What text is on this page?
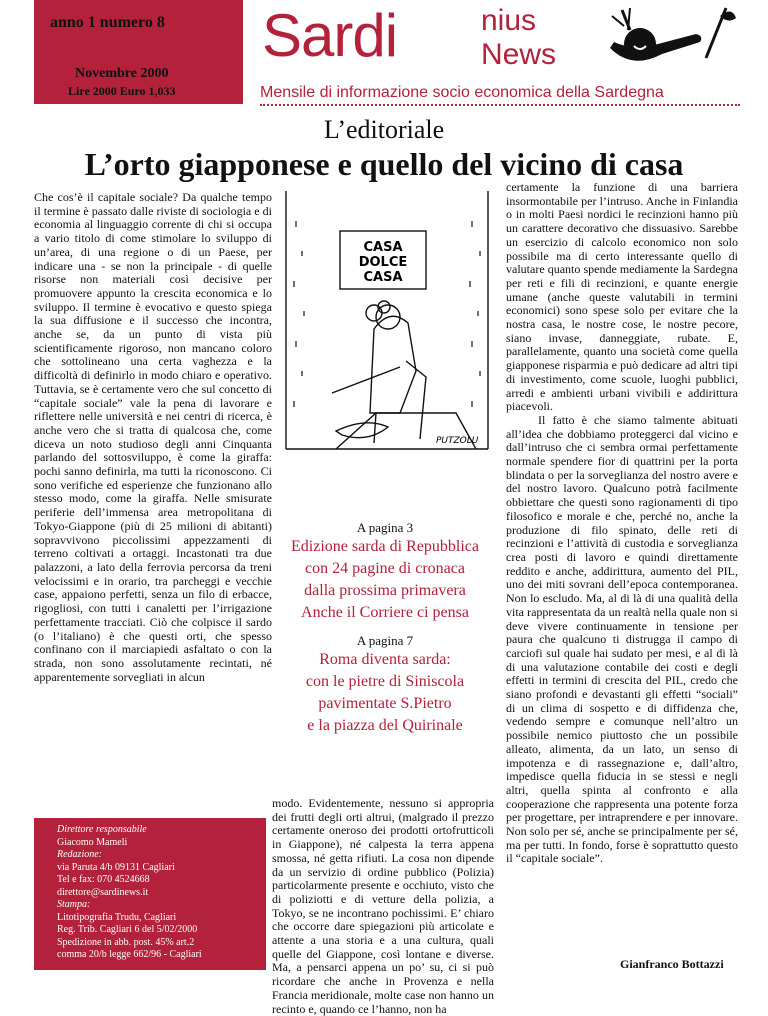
anno 1 numero 8
Novembre 2000
Lire 2000 Euro 1,033
Sardi	nius
News
Mensile di informazione socio economica della Sardegna
L’editoriale
L’orto giapponese e quello del vicino di casa
Che cos’è il capitale sociale? Da qualche tempo il termine è passato dalle riviste di sociologia e di economia al linguaggio corrente di chi si occupa a vario titolo di come stimolare lo sviluppo di un’area, di una regione o di un Paese, per indicare una - se non la principale - di quelle risorse non materiali così decisive per promuovere appunto la crescita economica e lo sviluppo. Il termine è evocativo e questo spiega la sua diffusione e il successo che incontra, anche se, da un punto di vista più scientificamente rigoroso, non mancano coloro che sottolineano una certa vaghezza e la difficoltà di definirlo in modo chiaro e operativo. Tuttavia, se è certamente vero che sul concetto di “capitale sociale” vale la pena di lavorare e riflettere nelle università e nei centri di ricerca, è anche vero che si tratta di qualcosa che, come diceva un noto studioso degli anni Cinquanta parlando del sottosviluppo, è come la giraffa: pochi sanno definirla, ma tutti la riconoscono. Ci sono verifiche ed esperienze che funzionano allo stesso modo, come la giraffa. Nelle smisurate periferie dell’immensa area metropolitana di Tokyo-Giappone (più di 25 milioni di abitanti) sopravvivono piccolissimi appezzamenti di terreno coltivati a ortaggi. Incastonati tra due palazzoni, a lato della ferrovia percorsa da treni velocissimi e in orario, tra parcheggi e vecchie case, appaiono perfetti, senza un filo di erbacce, rigogliosi, con tutti i canaletti per l’irrigazione perfettamente tracciati. Ciò che colpisce il sardo (o l’italiano) è che questi orti, che spesso confinano con il marciapiedi asfaltato o con la strada, non sono assolutamente recintati, né apparentemente sorvegliati in alcun
CASA
DOLCE
CASA
PUTZOLU
A pagina 3
Edizione sarda di Repubblica
con 24 pagine di cronaca
dalla prossima primavera
Anche il Corriere ci pensa
A pagina 7
Roma diventa sarda:
con le pietre di Siniscola
pavimentate S.Pietro
e la piazza del Quirinale
modo. Evidentemente, nessuno si appropria dei frutti degli orti altrui, (malgrado il prezzo certamente oneroso dei prodotti ortofrutticoli in Giappone), né calpesta la terra appena smossa, né getta rifiuti. La cosa non dipende da un servizio di ordine pubblico (Polizia) particolarmente presente e occhiuto, visto che di poliziotti e di vetture della polizia, a Tokyo, se ne incontrano pochissimi. E’ chiaro che occorre dare spiegazioni più articolate e attente a una storia e a una cultura, quali quelle del Giappone, così lontane e diverse. Ma, a pensarci appena un po’ su, ci si può ricordare che anche in Provenza e nella Francia meridionale, molte case non hanno un recinto e, quando ce l’hanno, non ha

certamente la funzione di una barriera insormontabile per l’intruso. Anche in Finlandia o in molti Paesi nordici le recinzioni hanno più un carattere decorativo che dissuasivo. Sarebbe un esercizio di calcolo economico non solo possibile ma di certo interessante quello di valutare quanto spende mediamente la Sardegna per reti e fili di recinzioni, e quante energie umane (anche queste valutabili in termini economici) sono spese solo per evitare che la nostra casa, le nostre cose, le nostre pecore, siano invase, danneggiate, rubate. E, parallelamente, quanto una società come quella giapponese risparmia e può dedicare ad altri tipi di investimento, come scuole, luoghi pubblici, arredi e ambienti urbani vivibili e addirittura piacevoli.

Il fatto è che siamo talmente abituati all’idea che dobbiamo proteggerci dal vicino e dall’intruso che ci sembra ormai perfettamente normale spendere fior di quattrini per la porta blindata o per la sorveglianza del nostro avere e del nostro lavoro. Qualcuno potrà facilmente obbiettare che questi sono ragionamenti di tipo filosofico e morale e che, perché no, anche la produzione di filo spinato, delle reti di recinzioni e l’attività di custodia e sorveglianza crea posti di lavoro e quindi direttamente reddito e anche, addirittura, aumento del PIL, uno dei miti sovrani dell’epoca contemporanea. Non lo escludo. Ma, al di là di una qualità della vita rappresentata da un realtà nella quale non si deve vivere continuamente in tensione per paura che qualcuno ti distrugga il campo di carciofi sul quale hai sudato per mesi, e al di là di una valutazione contabile dei costi e degli effetti in termini di crescita del PIL, credo che siano profondi e devastanti gli effetti “sociali” di un clima di sospetto e di diffidenza che, vedendo sempre e comunque nell’altro un possibile nemico piuttosto che un possibile alleato, alimenta, da un lato, un senso di impotenza e di rassegnazione e, dall’altro, impedisce quella fiducia in se stessi e negli altri, quella spinta al confronto e alla cooperazione che rappresenta una potente forza per progettare, per intraprendere e per innovare. Non solo per sé, anche se principalmente per sé, ma per tutti. In fondo, forse è soprattutto questo il “capitale sociale”.

Direttore responsabile
Giacomo Mameli
Redazione:
via Paruta 4/b 09131 Cagliari
Tel e fax: 070 4524668
direttore@sardinews.it
Stampa:
Litotipografia Trudu, Cagliari
Reg. Trib. Cagliari 6 del 5/02/2000
Spedizione in abb. post. 45% art.2
comma 20/b legge 662/96 - Cagliari
Gianfranco Bottazzi
